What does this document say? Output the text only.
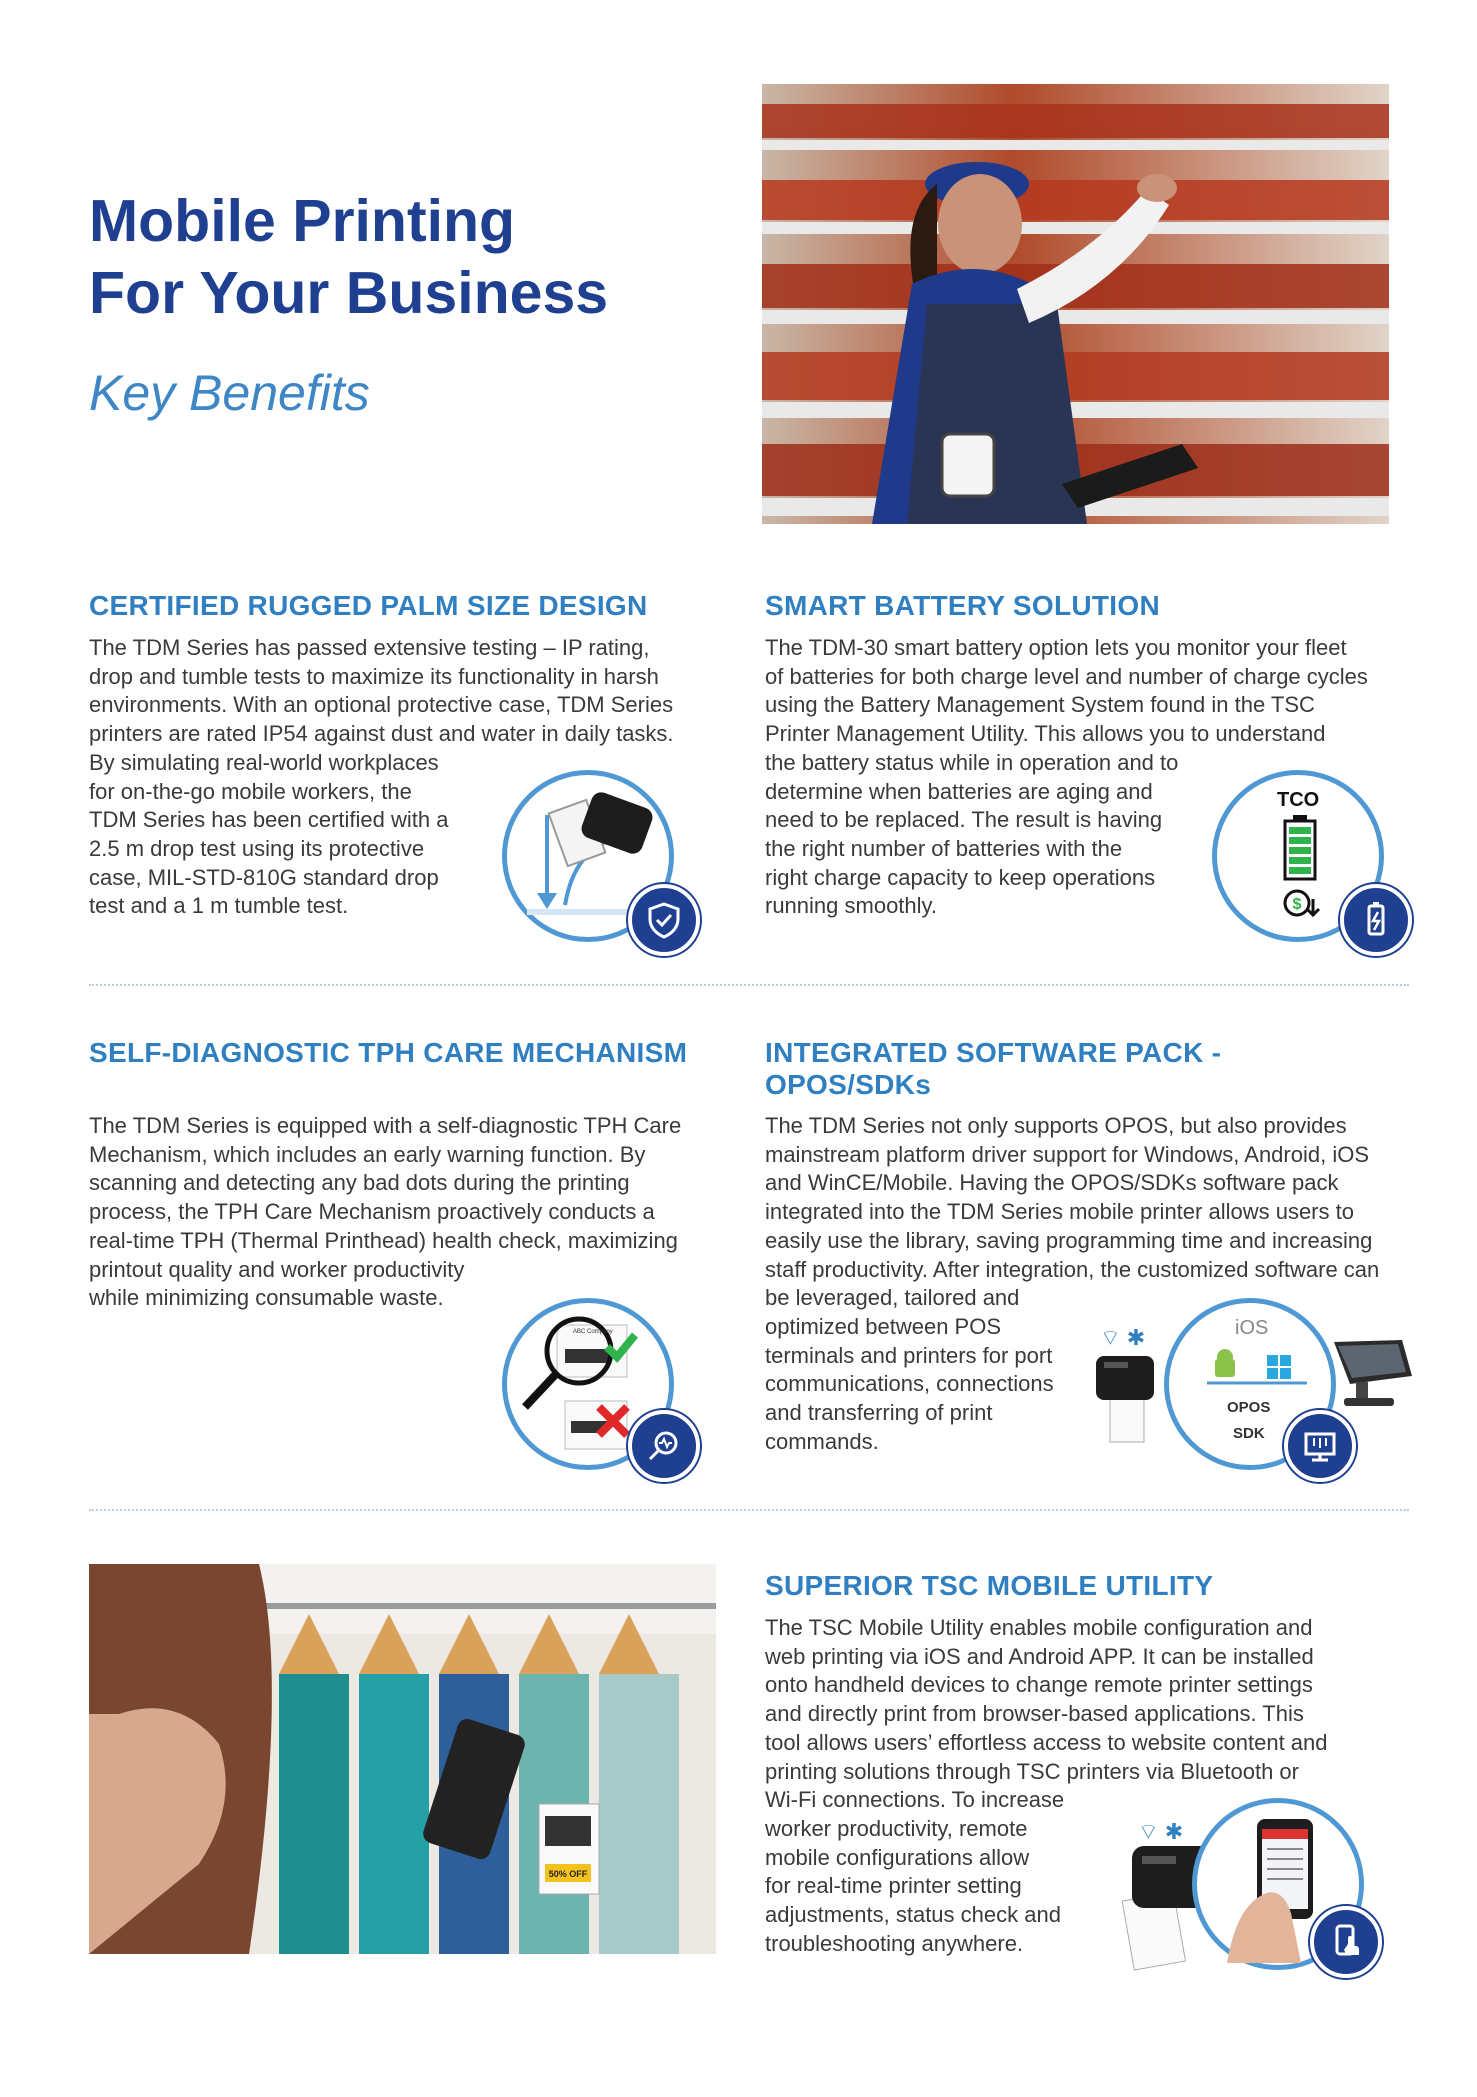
Mobile Printing
For Your Business

Key Benefits

CERTIFIED RUGGED PALM SIZE DESIGN

The TDM Series has passed extensive testing – IP rating,

drop and tumble tests to maximize its functionality in harsh

environments. With an optional protective case, TDM Series

printers are rated IP54 against dust and water in daily tasks.

By simulating real-world workplaces

for on-the-go mobile workers, the

TDM Series has been certified with a

2.5 m drop test using its protective

case, MIL-STD-810G standard drop

test and a 1 m tumble test.

SMART BATTERY SOLUTION

The TDM-30 smart battery option lets you monitor your fleet

of batteries for both charge level and number of charge cycles

using the Battery Management System found in the TSC

Printer Management Utility. This allows you to understand

the battery status while in operation and to

determine when batteries are aging and

need to be replaced. The result is having

the right number of batteries with the

right charge capacity to keep operations

running smoothly.

TCO
$
SELF-DIAGNOSTIC TPH CARE MECHANISM

The TDM Series is equipped with a self-diagnostic TPH Care

Mechanism, which includes an early warning function. By

scanning and detecting any bad dots during the printing

process, the TPH Care Mechanism proactively conducts a

real-time TPH (Thermal Printhead) health check, maximizing

printout quality and worker productivity

while minimizing consumable waste.

ABC Company
INTEGRATED SOFTWARE PACK -
OPOS/SDKs

The TDM Series not only supports OPOS, but also provides

mainstream platform driver support for Windows, Android, iOS

and WinCE/Mobile. Having the OPOS/SDKs software pack

integrated into the TDM Series mobile printer allows users to

easily use the library, saving programming time and increasing

staff productivity. After integration, the customized software can

be leveraged, tailored and

optimized between POS

terminals and printers for port

communications, connections

and transferring of print

commands.

⌔ ✱	iOS
OPOS
SDK
50% OFF
SUPERIOR TSC MOBILE UTILITY

The TSC Mobile Utility enables mobile configuration and

web printing via iOS and Android APP. It can be installed

onto handheld devices to change remote printer settings

and directly print from browser-based applications. This

tool allows users’ effortless access to website content and

printing solutions through TSC printers via Bluetooth or

Wi-Fi connections. To increase

worker productivity, remote

mobile configurations allow

for real-time printer setting

adjustments, status check and

troubleshooting anywhere.

⌔ ✱
